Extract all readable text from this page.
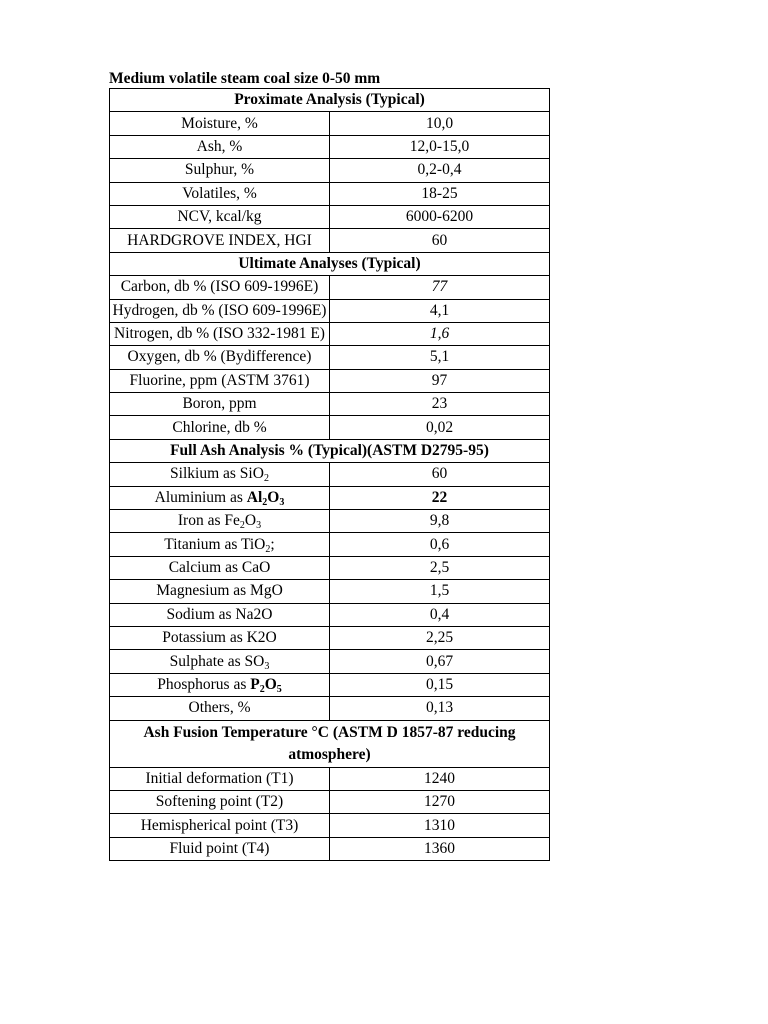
Medium volatile steam coal size 0-50 mm
Proximate Analysis (Typical)	
Moisture, %	10,0
Ash, %	12,0-15,0
Sulphur, %	0,2-0,4
Volatiles, %	18-25
NCV, kcal/kg	6000-6200
HARDGROVE INDEX, HGI	60
Ultimate Analyses (Typical)	
Carbon, db % (ISO 609-1996E)	77
Hydrogen, db % (ISO 609-1996E)	4,1
Nitrogen, db % (ISO 332-1981 E)	1,6
Oxygen, db % (Bydifference)	5,1
Fluorine, ppm (ASTM 3761)	97
Boron, ppm	23
Chlorine, db %	0,02
Full Ash Analysis % (Typical)(ASTM D2795-95)	
Silkium as SiO$_2$	60
Aluminium as $Al_2O_3$	22
Iron as $Fe_2O_3$	9,8
Titanium as TiO$_2$;	0,6
Calcium as CaO	2,5
Magnesium as MgO	1,5
Sodium as Na2O	0,4
Potassium as K2O	2,25
Sulphate as $SO_3$	0,67
Phosphorus as $P_2O_5$	0,15
Others, %	0,13
Ash Fusion Temperature °C (ASTM D 1857-87 reducing atmosphere)	
Initial deformation (T1)	1240
Softening point (T2)	1270
Hemispherical point (T3)	1310
Fluid point (T4)	1360
